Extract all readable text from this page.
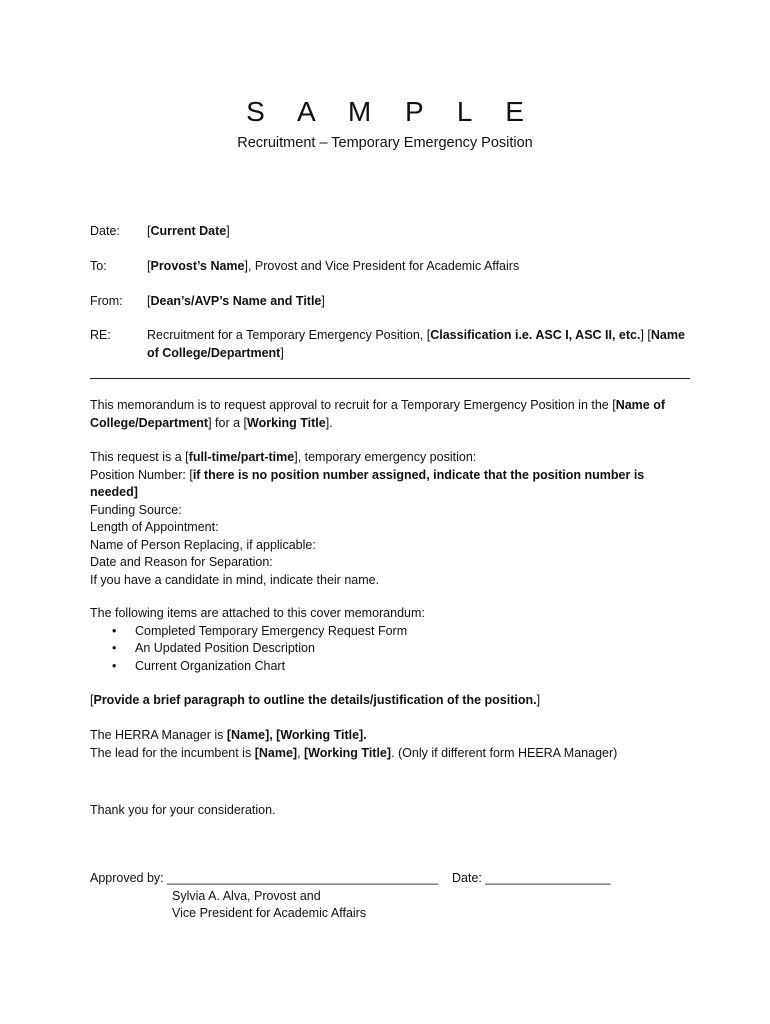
S A M P L E
Recruitment – Temporary Emergency Position
Date:	[Current Date]
To:	[Provost’s Name], Provost and Vice President for Academic Affairs
From:	[Dean’s/AVP’s Name and Title]
RE:	Recruitment for a Temporary Emergency Position, [Classification i.e. ASC I, ASC II, etc.] [Name of College/Department]
This memorandum is to request approval to recruit for a Temporary Emergency Position in the [Name of College/Department] for a [Working Title].
This request is a [full-time/part-time], temporary emergency position:
Position Number: [if there is no position number assigned, indicate that the position number is needed]
Funding Source:
Length of Appointment:
Name of Person Replacing, if applicable:
Date and Reason for Separation:
If you have a candidate in mind, indicate their name.
The following items are attached to this cover memorandum:
• Completed Temporary Emergency Request Form
• An Updated Position Description
• Current Organization Chart
[Provide a brief paragraph to outline the details/justification of the position.]
The HERRA Manager is [Name], [Working Title].
The lead for the incumbent is [Name], [Working Title]. (Only if different form HEERA Manager)
Thank you for your consideration.
Approved by: _______________________________________ Date: __________________
Sylvia A. Alva, Provost and
Vice President for Academic Affairs
